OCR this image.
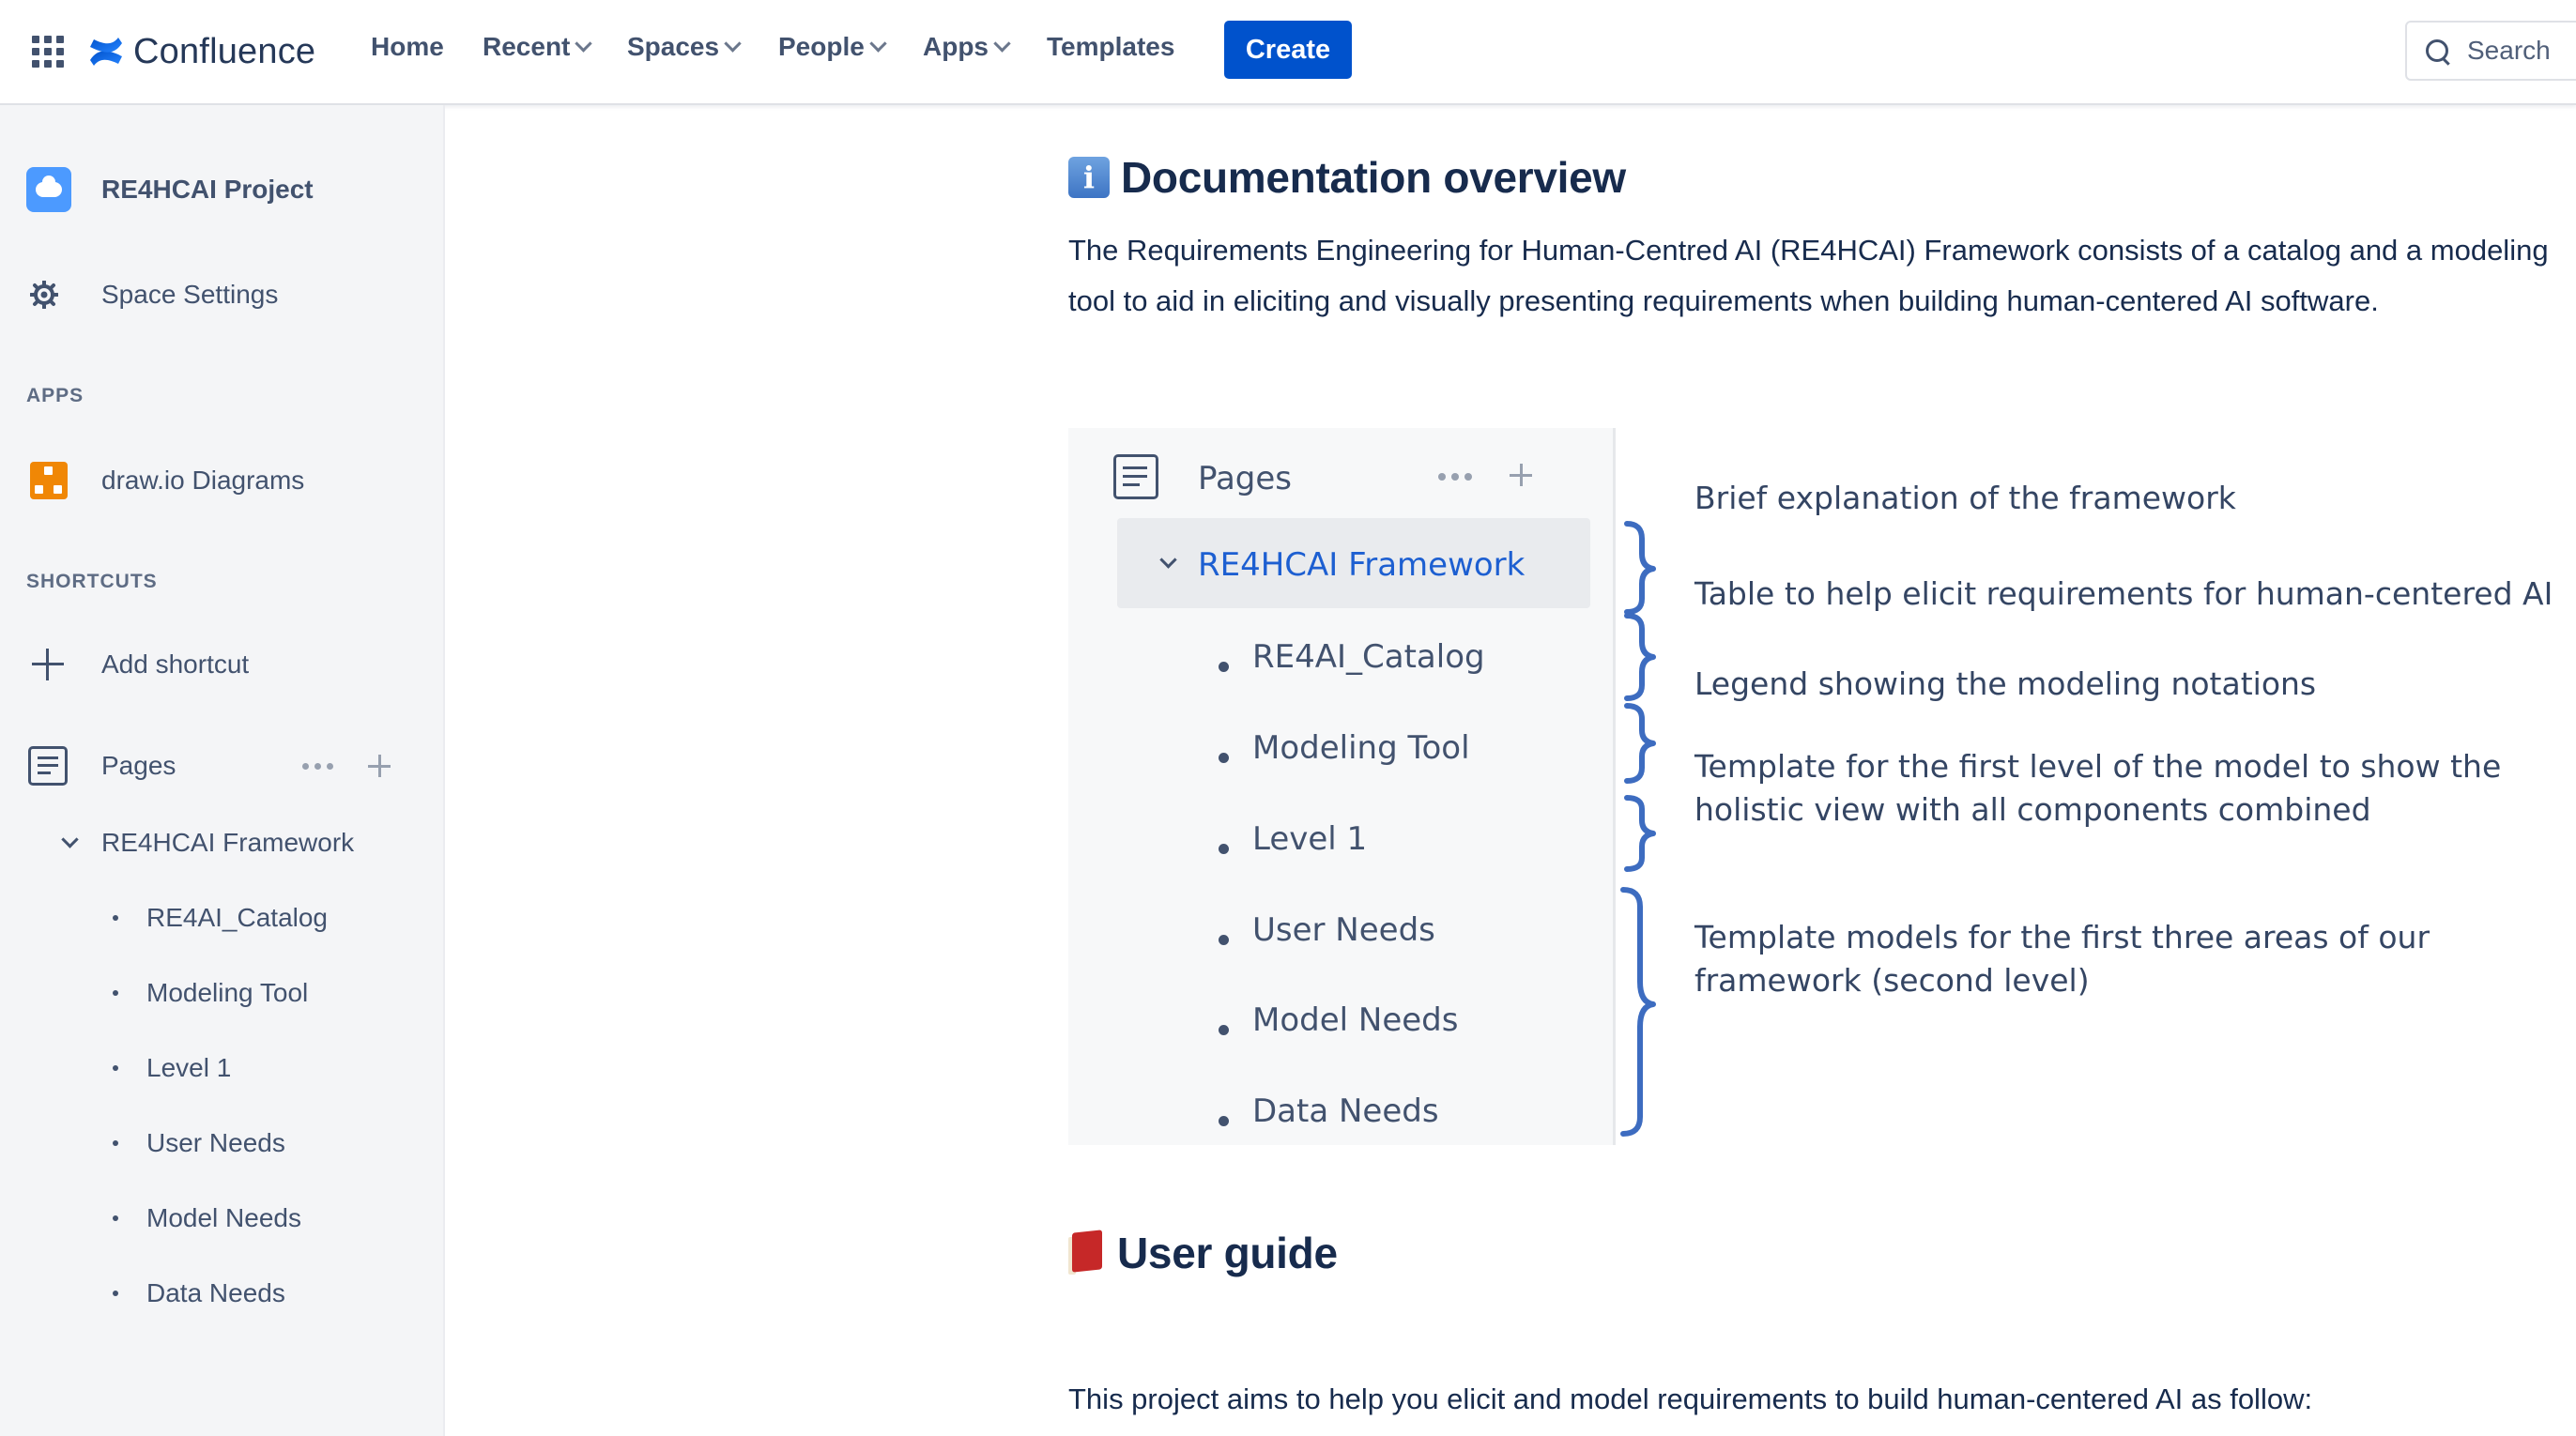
Confluence Home Recent Spaces People Apps Templates	Create	Search
RE4HCAI Project
Space Settings
APPS
draw.io Diagrams
SHORTCUTS
Add shortcut
Pages
RE4HCAI Framework
RE4AI_Catalog
Modeling Tool
Level 1
User Needs
Model Needs
Data Needs
i Documentation overview
The Requirements Engineering for Human-Centred AI (RE4HCAI) Framework consists of a catalog and a modeling tool to aid in eliciting and visually presenting requirements when building human-centered AI software.
Pages
RE4HCAI Framework
RE4AI_Catalog
Modeling Tool
Level 1
User Needs
Model Needs
Data Needs
Brief explanation of the framework
Table to help elicit requirements for human-centered AI
Legend showing the modeling notations
Template for the first level of the model to show the
holistic view with all components combined
Template models for the first three areas of our
framework (second level)
User guide
This project aims to help you elicit and model requirements to build human-centered AI as follow:
